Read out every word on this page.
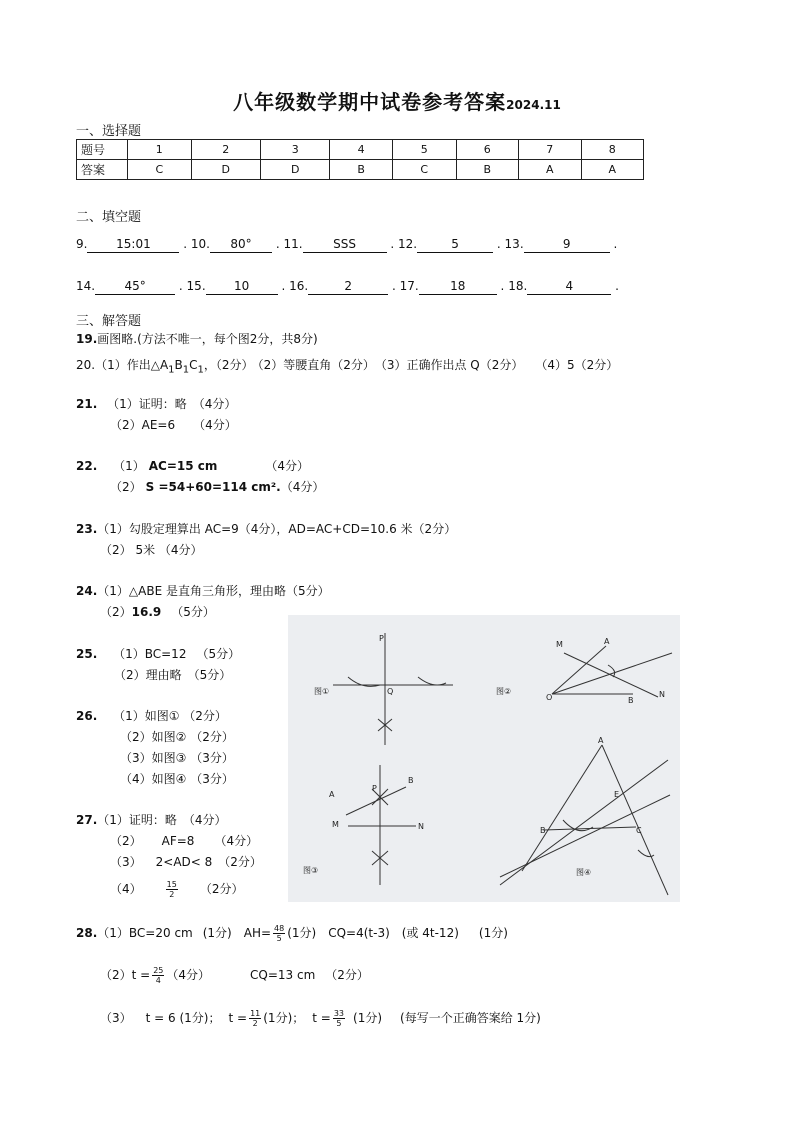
八年级数学期中试卷参考答案2024.11
一、选择题
题号	1	2	3	4	5	6	7	8
答案	C	D	D	B	C	B	A	A
二、填空题
9. 15:01 . 10. 80° . 11.	SSS	. 12.	5	. 13.	9	.
14. 45° . 15. 10 . 16.	2	. 17.	18	. 18.	4	.
三、解答题
19.画图略.(方法不唯一，每个图2分，共8分)
20.（1）作出$\triangle A_1B_1C_1$，（2分） （2）等腰直角（2分） （3）正确作出点 Q（2分） （4）5（2分）
21. （1）证明：略　（4分）
（2）AE=6　　（4分）
22. （1） AC=15 cm	（4分）
（2） S =54+60=114 cm².（4分）
23.（1）勾股定理算出 AC=9（4分），AD=AC+CD=10.6 米（2分）
（2） 5米 （4分）
24.（1）△ABE 是直角三角形，理由略（5分）
（2）16.9 （5分）
25. （1）BC=12 （5分）
（2）理由略　（5分）
26. （1）如图① （2分）
（2）如图② （2分）
（3）如图③ （3分）
（4）如图④ （3分）
27.（1）证明：略　（4分）
（2） AF=8 （4分）
（3） 2<AD< 8 （2分）
（4）	$\frac{15}{2} (2$分）
28.（1）BC=20 cm (1分) $AH= \frac{48}{5} (1$分) CQ=4(t-3) (或 4t-12) (1分)
$(2)t = \frac{25}{4} (4$分）	CQ=13 cm （2分）
（3） t = 6 (1分)； $t = \frac{11}{2} (1$分)； $t = \frac{33}{5} (1$分) (每写一个正确答案给 1分)
P
Q
图①
M	A
O	B
N
图②
A
P
B
M	N
图③
A
E
B	C
图④
